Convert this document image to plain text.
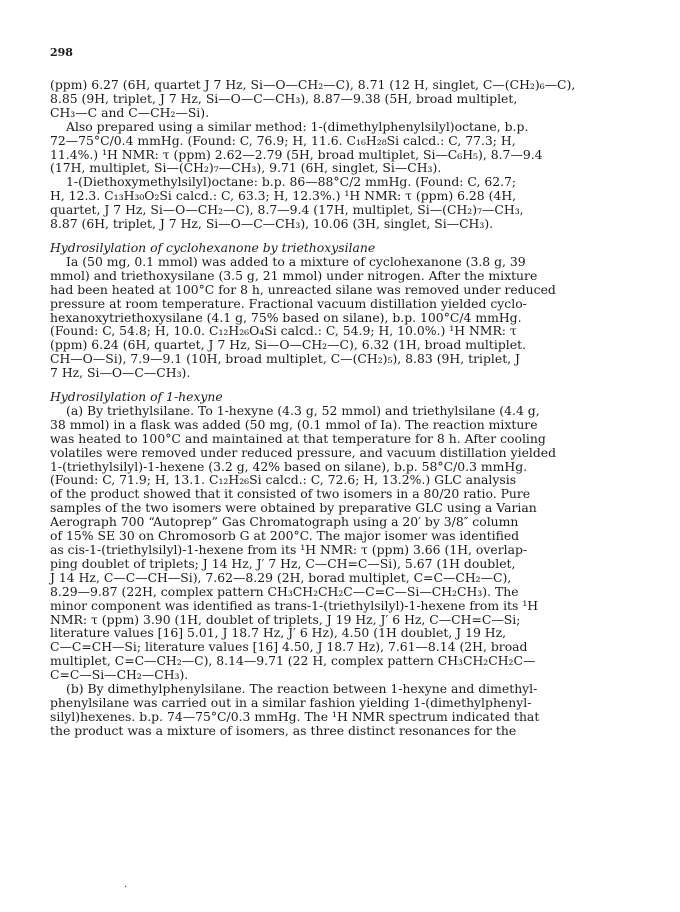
298
(ppm) 6.27 (6H, quartet J 7 Hz, Si—O—CH₂—C), 8.71 (12 H, singlet, C—(CH₂)₆—C),
8.85 (9H, triplet, J 7 Hz, Si—O—C—CH₃), 8.87—9.38 (5H, broad multiplet,
CH₃—C and C—CH₂—Si).
Also prepared using a similar method: 1-(dimethylphenylsilyl)octane, b.p.
72—75°C/0.4 mmHg. (Found: C, 76.9; H, 11.6. C₁₆H₂₈Si calcd.: C, 77.3; H,
11.4%.) ¹H NMR: τ (ppm) 2.62—2.79 (5H, broad multiplet, Si—C₆H₅), 8.7—9.4
(17H, multiplet, Si—(CH₂)₇—CH₃), 9.71 (6H, singlet, Si—CH₃).
1-(Diethoxymethylsilyl)octane: b.p. 86—88°C/2 mmHg. (Found: C, 62.7;
H, 12.3. C₁₃H₃₀O₂Si calcd.: C, 63.3; H, 12.3%.) ¹H NMR: τ (ppm) 6.28 (4H,
quartet, J 7 Hz, Si—O—CH₂—C), 8.7—9.4 (17H, multiplet, Si—(CH₂)₇—CH₃,
8.87 (6H, triplet, J 7 Hz, Si—O—C—CH₃), 10.06 (3H, singlet, Si—CH₃).
Hydrosilylation of cyclohexanone by triethoxysilane
Ia (50 mg, 0.1 mmol) was added to a mixture of cyclohexanone (3.8 g, 39
mmol) and triethoxysilane (3.5 g, 21 mmol) under nitrogen. After the mixture
had been heated at 100°C for 8 h, unreacted silane was removed under reduced
pressure at room temperature. Fractional vacuum distillation yielded cyclo-
hexanoxytriethoxysilane (4.1 g, 75% based on silane), b.p. 100°C/4 mmHg.
(Found: C, 54.8; H, 10.0. C₁₂H₂₆O₄Si calcd.: C, 54.9; H, 10.0%.) ¹H NMR: τ
(ppm) 6.24 (6H, quartet, J 7 Hz, Si—O—CH₂—C), 6.32 (1H, broad multiplet.
CH—O—Si), 7.9—9.1 (10H, broad multiplet, C—(CH₂)₅), 8.83 (9H, triplet, J
7 Hz, Si—O—C—CH₃).
Hydrosilylation of 1-hexyne
(a) By triethylsilane. To 1-hexyne (4.3 g, 52 mmol) and triethylsilane (4.4 g,
38 mmol) in a flask was added (50 mg, (0.1 mmol of Ia). The reaction mixture
was heated to 100°C and maintained at that temperature for 8 h. After cooling
volatiles were removed under reduced pressure, and vacuum distillation yielded
1-(triethylsilyl)-1-hexene (3.2 g, 42% based on silane), b.p. 58°C/0.3 mmHg.
(Found: C, 71.9; H, 13.1. C₁₂H₂₆Si calcd.: C, 72.6; H, 13.2%.) GLC analysis
of the product showed that it consisted of two isomers in a 80/20 ratio. Pure
samples of the two isomers were obtained by preparative GLC using a Varian
Aerograph 700 “Autoprep” Gas Chromatograph using a 20′ by 3/8″ column
of 15% SE 30 on Chromosorb G at 200°C. The major isomer was identified
as cis-1-(triethylsilyl)-1-hexene from its ¹H NMR: τ (ppm) 3.66 (1H, overlap-
ping doublet of triplets; J 14 Hz, J′ 7 Hz, C—CH=C—Si), 5.67 (1H doublet,
J 14 Hz, C—C—CH—Si), 7.62—8.29 (2H, borad multiplet, C=C—CH₂—C),
8.29—9.87 (22H, complex pattern CH₃CH₂CH₂C—C=C—Si—CH₂CH₃). The
minor component was identified as trans-1-(triethylsilyl)-1-hexene from its ¹H
NMR: τ (ppm) 3.90 (1H, doublet of triplets, J 19 Hz, J′ 6 Hz, C—CH=C—Si;
literature values [16] 5.01, J 18.7 Hz, J′ 6 Hz), 4.50 (1H doublet, J 19 Hz,
C—C=CH—Si; literature values [16] 4.50, J 18.7 Hz), 7.61—8.14 (2H, broad
multiplet, C=C—CH₂—C), 8.14—9.71 (22 H, complex pattern CH₃CH₂CH₂C—
C=C—Si—CH₂—CH₃).
(b) By dimethylphenylsilane. The reaction between 1-hexyne and dimethyl-
phenylsilane was carried out in a similar fashion yielding 1-(dimethylphenyl-
silyl)hexenes. b.p. 74—75°C/0.3 mmHg. The ¹H NMR spectrum indicated that
the product was a mixture of isomers, as three distinct resonances for the
·
